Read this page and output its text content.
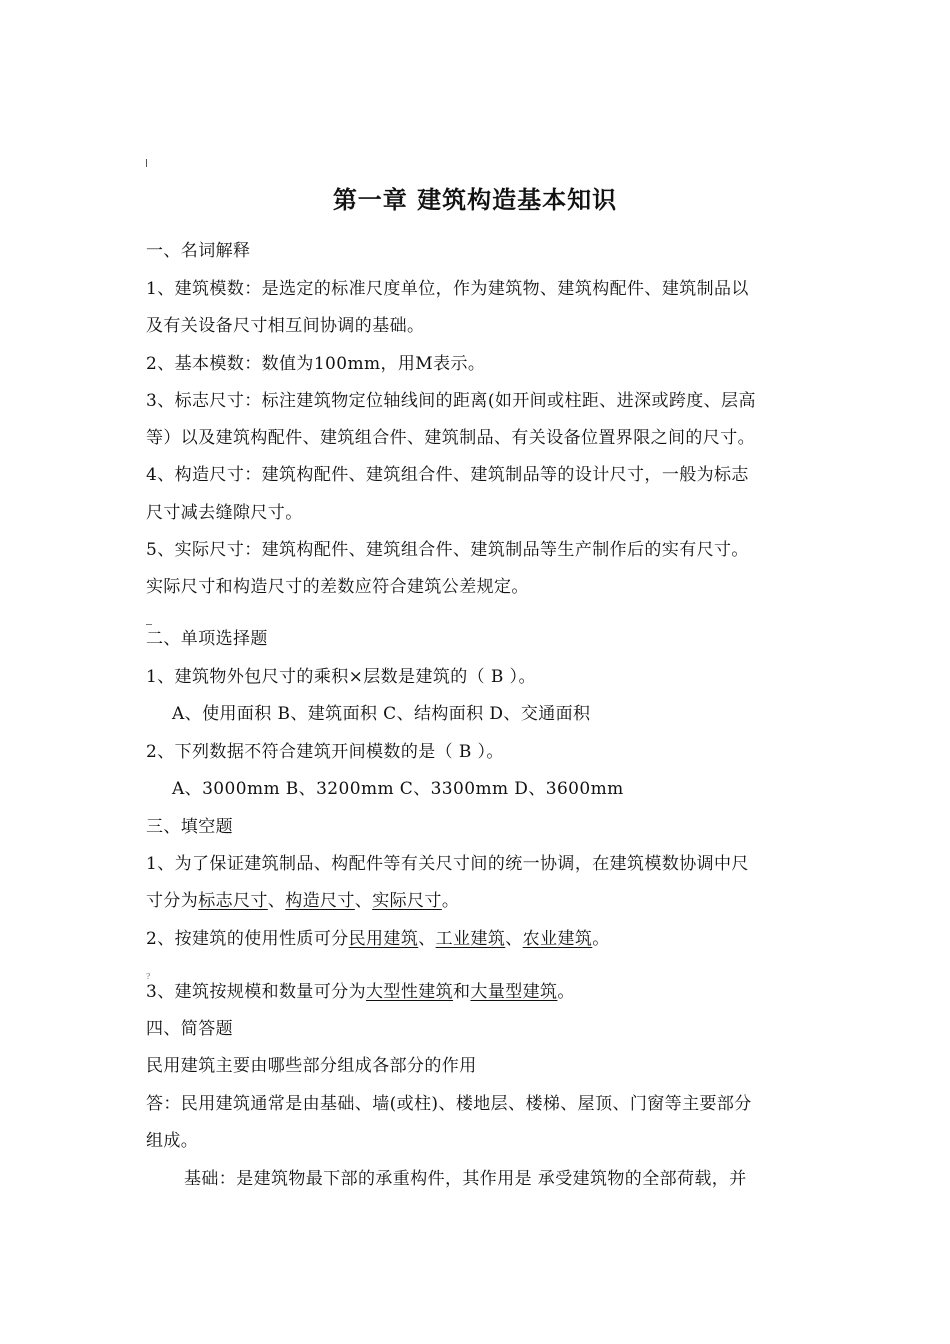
第一章 建筑构造基本知识
一、名词解释
1、建筑模数：是选定的标准尺度单位，作为建筑物、建筑构配件、建筑制品以
及有关设备尺寸相互间协调的基础。
2、基本模数：数值为100mm，用M表示。
3、标志尺寸：标注建筑物定位轴线间的距离(如开间或柱距、进深或跨度、层高
等）以及建筑构配件、建筑组合件、建筑制品、有关设备位置界限之间的尺寸。
4、构造尺寸：建筑构配件、建筑组合件、建筑制品等的设计尺寸，一般为标志
尺寸减去缝隙尺寸。
5、实际尺寸：建筑构配件、建筑组合件、建筑制品等生产制作后的实有尺寸。
实际尺寸和构造尺寸的差数应符合建筑公差规定。
二、单项选择题
1、建筑物外包尺寸的乘积×层数是建筑的（ B ）。
A、使用面积 B、建筑面积 C、结构面积 D、交通面积
2、下列数据不符合建筑开间模数的是（ B ）。
A、3000mm B、3200mm C、3300mm D、3600mm
三、填空题
1、为了保证建筑制品、构配件等有关尺寸间的统一协调，在建筑模数协调中尺
寸分为标志尺寸、构造尺寸、实际尺寸。
2、按建筑的使用性质可分民用建筑、工业建筑、农业建筑。
?
3、建筑按规模和数量可分为大型性建筑和大量型建筑。
四、简答题
民用建筑主要由哪些部分组成各部分的作用
答：民用建筑通常是由基础、墙(或柱)、楼地层、楼梯、屋顶、门窗等主要部分
组成。
基础：是建筑物最下部的承重构件，其作用是 承受建筑物的全部荷载，并
